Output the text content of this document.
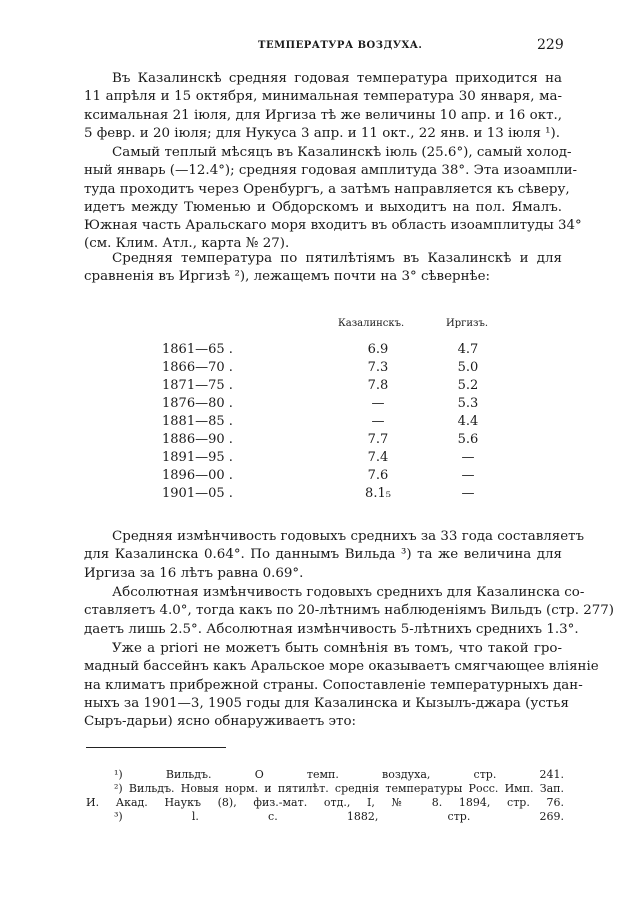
ТЕМПЕРАТУРА ВОЗДУХА.	229
Въ Казалинскѣ средняя годовая температура приходится на
11 апрѣля и 15 октября, минимальная температура 30 января, ма-
ксимальная 21 іюля, для Иргиза тѣ же величины 10 апр. и 16 окт.,
5 февр. и 20 іюля; для Нукуса 3 апр. и 11 окт., 22 янв. и 13 іюля ¹).
Самый теплый мѣсяцъ въ Казалинскѣ іюль (25.6°), самый холод-
ный январь (—12.4°); средняя годовая амплитуда 38°. Эта изоампли-
туда проходитъ через Оренбургъ, а затѣмъ направляется къ сѣверу,
идетъ между Тюменью и Обдорскомъ и выходитъ на пол. Ямалъ.
Южная часть Аральскаго моря входитъ въ область изоамплитуды 34°
(см. Клим. Атл., карта № 27).
Средняя температура по пятилѣтіямъ въ Казалинскѣ и для
сравненія въ Иргизѣ ²), лежащемъ почти на 3° сѣвернѣе:
Казалинскъ.	Иргизъ.
1861—65 .	6.9	4.7
1866—70 .	7.3	5.0
1871—75 .	7.8	5.2
1876—80 .	—	5.3
1881—85 .	—	4.4
1886—90 .	7.7	5.6
1891—95 .	7.4	—
1896—00 .	7.6	—
1901—05 .	8.1₅	—
Средняя измѣнчивость годовыхъ среднихъ за 33 года составляетъ
для Казалинска 0.64°. По даннымъ Вильда ³) та же величина для
Иргиза за 16 лѣтъ равна 0.69°.
Абсолютная измѣнчивость годовыхъ среднихъ для Казалинска со-
ставляетъ 4.0°, тогда какъ по 20-лѣтнимъ наблюденіямъ Вильдъ (стр. 277)
даетъ лишь 2.5°. Абсолютная измѣнчивость 5-лѣтнихъ среднихъ 1.3°.
Уже a priori не можетъ быть сомнѣнія въ томъ, что такой гро-
мадный бассейнъ какъ Аральское море оказываетъ смягчающее вліяніе
на климатъ прибрежной страны. Сопоставленіе температурныхъ дан-
ныхъ за 1901—3, 1905 годы для Казалинска и Кызылъ-джара (устья
Сыръ-дарьи) ясно обнаруживаетъ это:
¹) Вильдъ. О темп. воздуха, стр. 241.
²) Вильдъ. Новыя норм. и пятилѣт. среднія температуры Росс. Имп. Зап.
И. Акад. Наукъ (8), физ.-мат. отд., I, № 8. 1894, стр. 76.
³) l. c. 1882, стр. 269.
